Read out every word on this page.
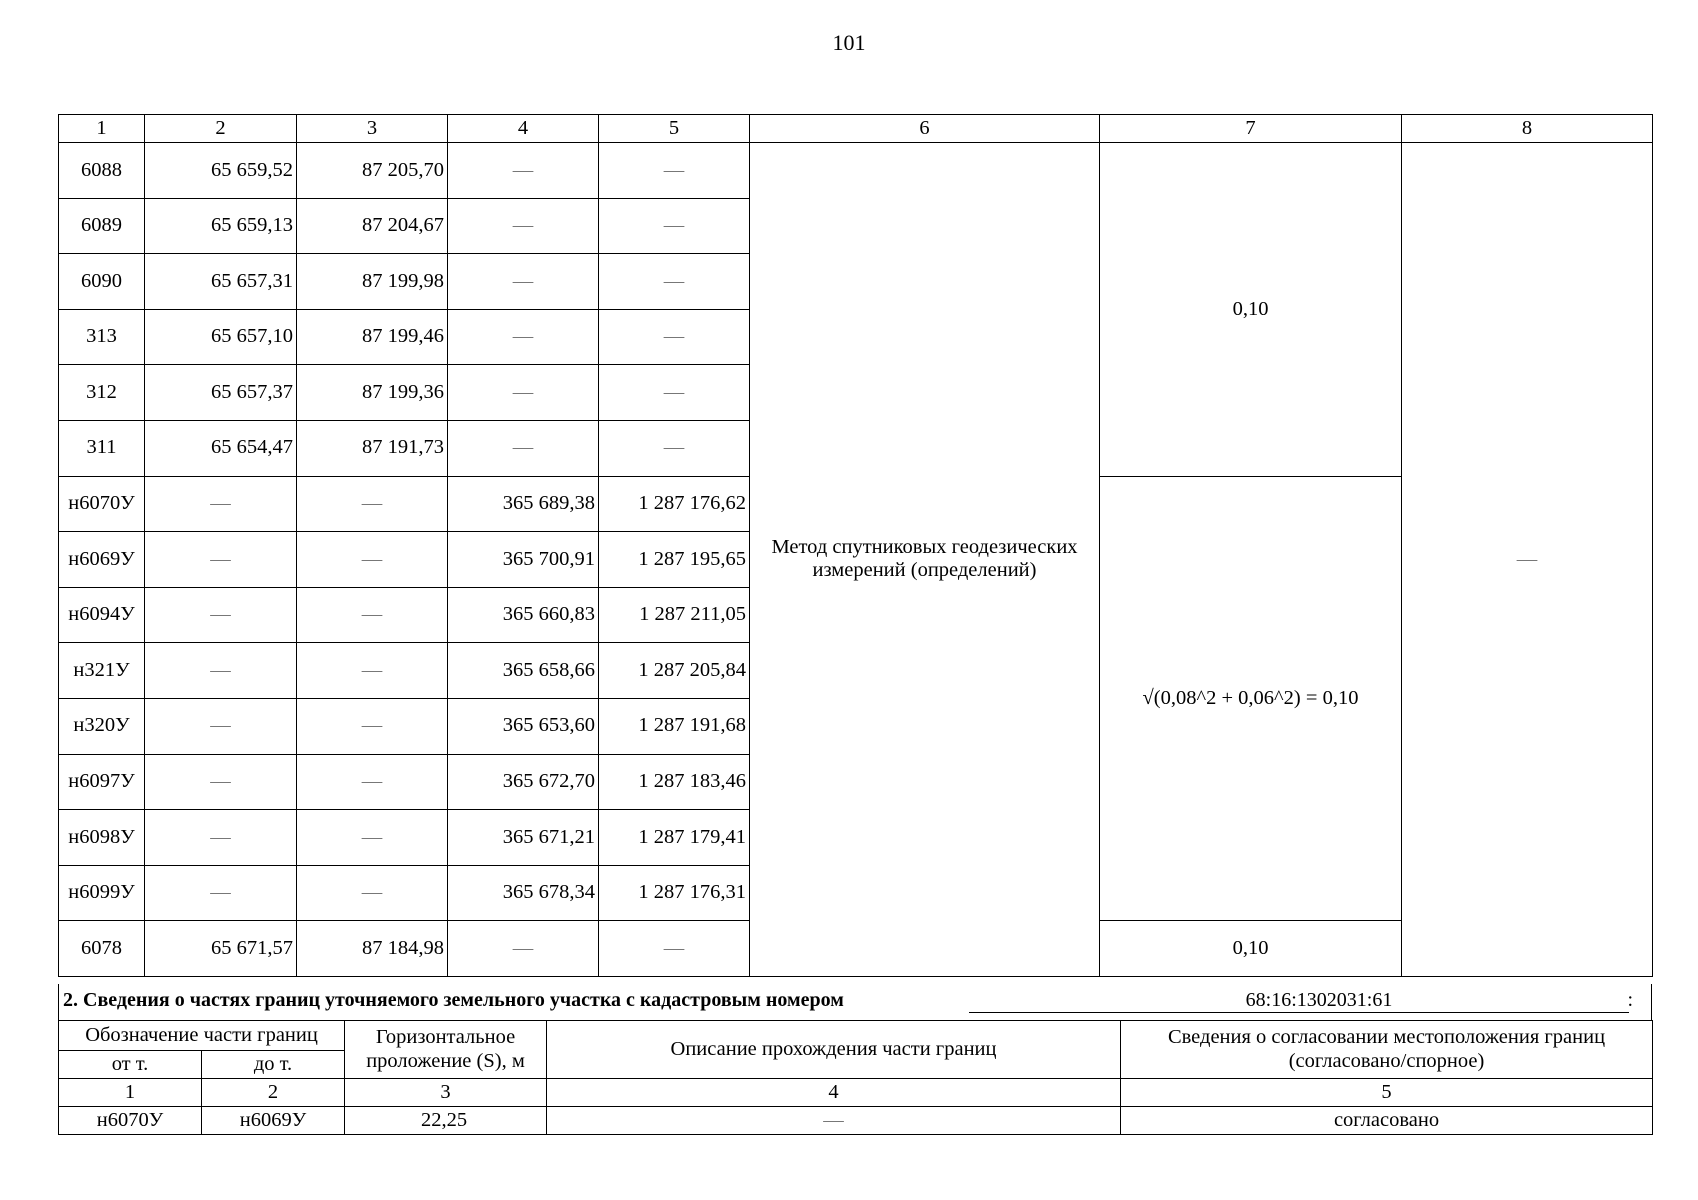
101
1	2	3	4	5	6	7	8
6088	65 659,52	87 205,70	—	—	Метод спутниковых геодезических измерений (определений)	0,10	—
6089	65 659,13	87 204,67	—	—			
6090	65 657,31	87 199,98	—	—			
313	65 657,10	87 199,46	—	—			
312	65 657,37	87 199,36	—	—			
311	65 654,47	87 191,73	—	—			
н6070У	—	—	365 689,38	1 287 176,62		√(0,08^2 + 0,06^2) = 0,10	
н6069У	—	—	365 700,91	1 287 195,65			
н6094У	—	—	365 660,83	1 287 211,05			
н321У	—	—	365 658,66	1 287 205,84			
н320У	—	—	365 653,60	1 287 191,68			
н6097У	—	—	365 672,70	1 287 183,46			
н6098У	—	—	365 671,21	1 287 179,41			
н6099У	—	—	365 678,34	1 287 176,31			
6078	65 671,57	87 184,98	—	—		0,10	
2. Сведения о частях границ уточняемого земельного участка с кадастровым номером	68:16:1302031:61	:
Обозначение части границ		Горизонтальное проложение (S), м	Описание прохождения части границ	Сведения о согласовании местоположения границ (согласовано/спорное)
от т.	до т.			
1	2	3	4	5
н6070У	н6069У	22,25	—	согласовано
